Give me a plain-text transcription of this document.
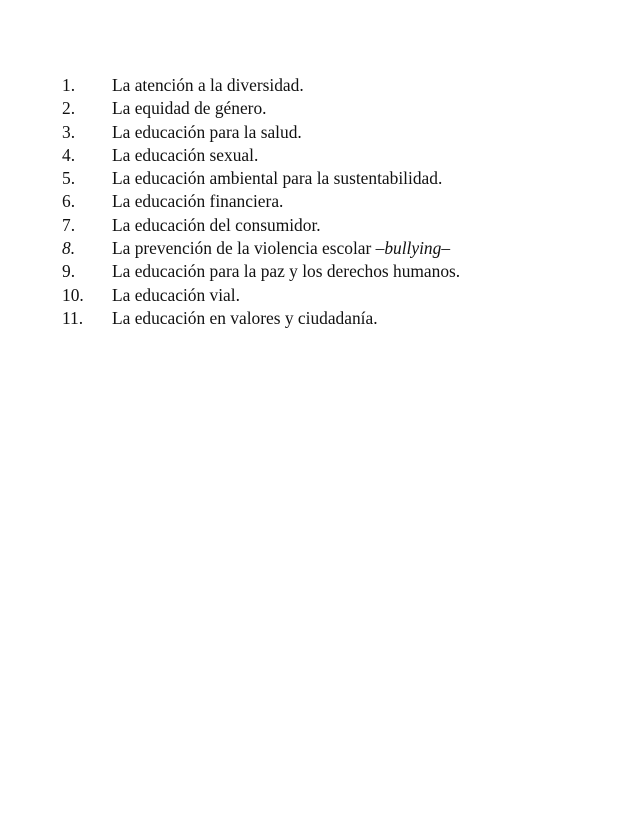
1.	La atención a la diversidad.
2.	La equidad de género.
3.	La educación para la salud.
4.	La educación sexual.
5.	La educación ambiental para la sustentabilidad.
6.	La educación financiera.
7.	La educación del consumidor.
8.	La prevención de la violencia escolar –bullying–
9.	La educación para la paz y los derechos humanos.
10.	La educación vial.
11.	La educación en valores y ciudadanía.
